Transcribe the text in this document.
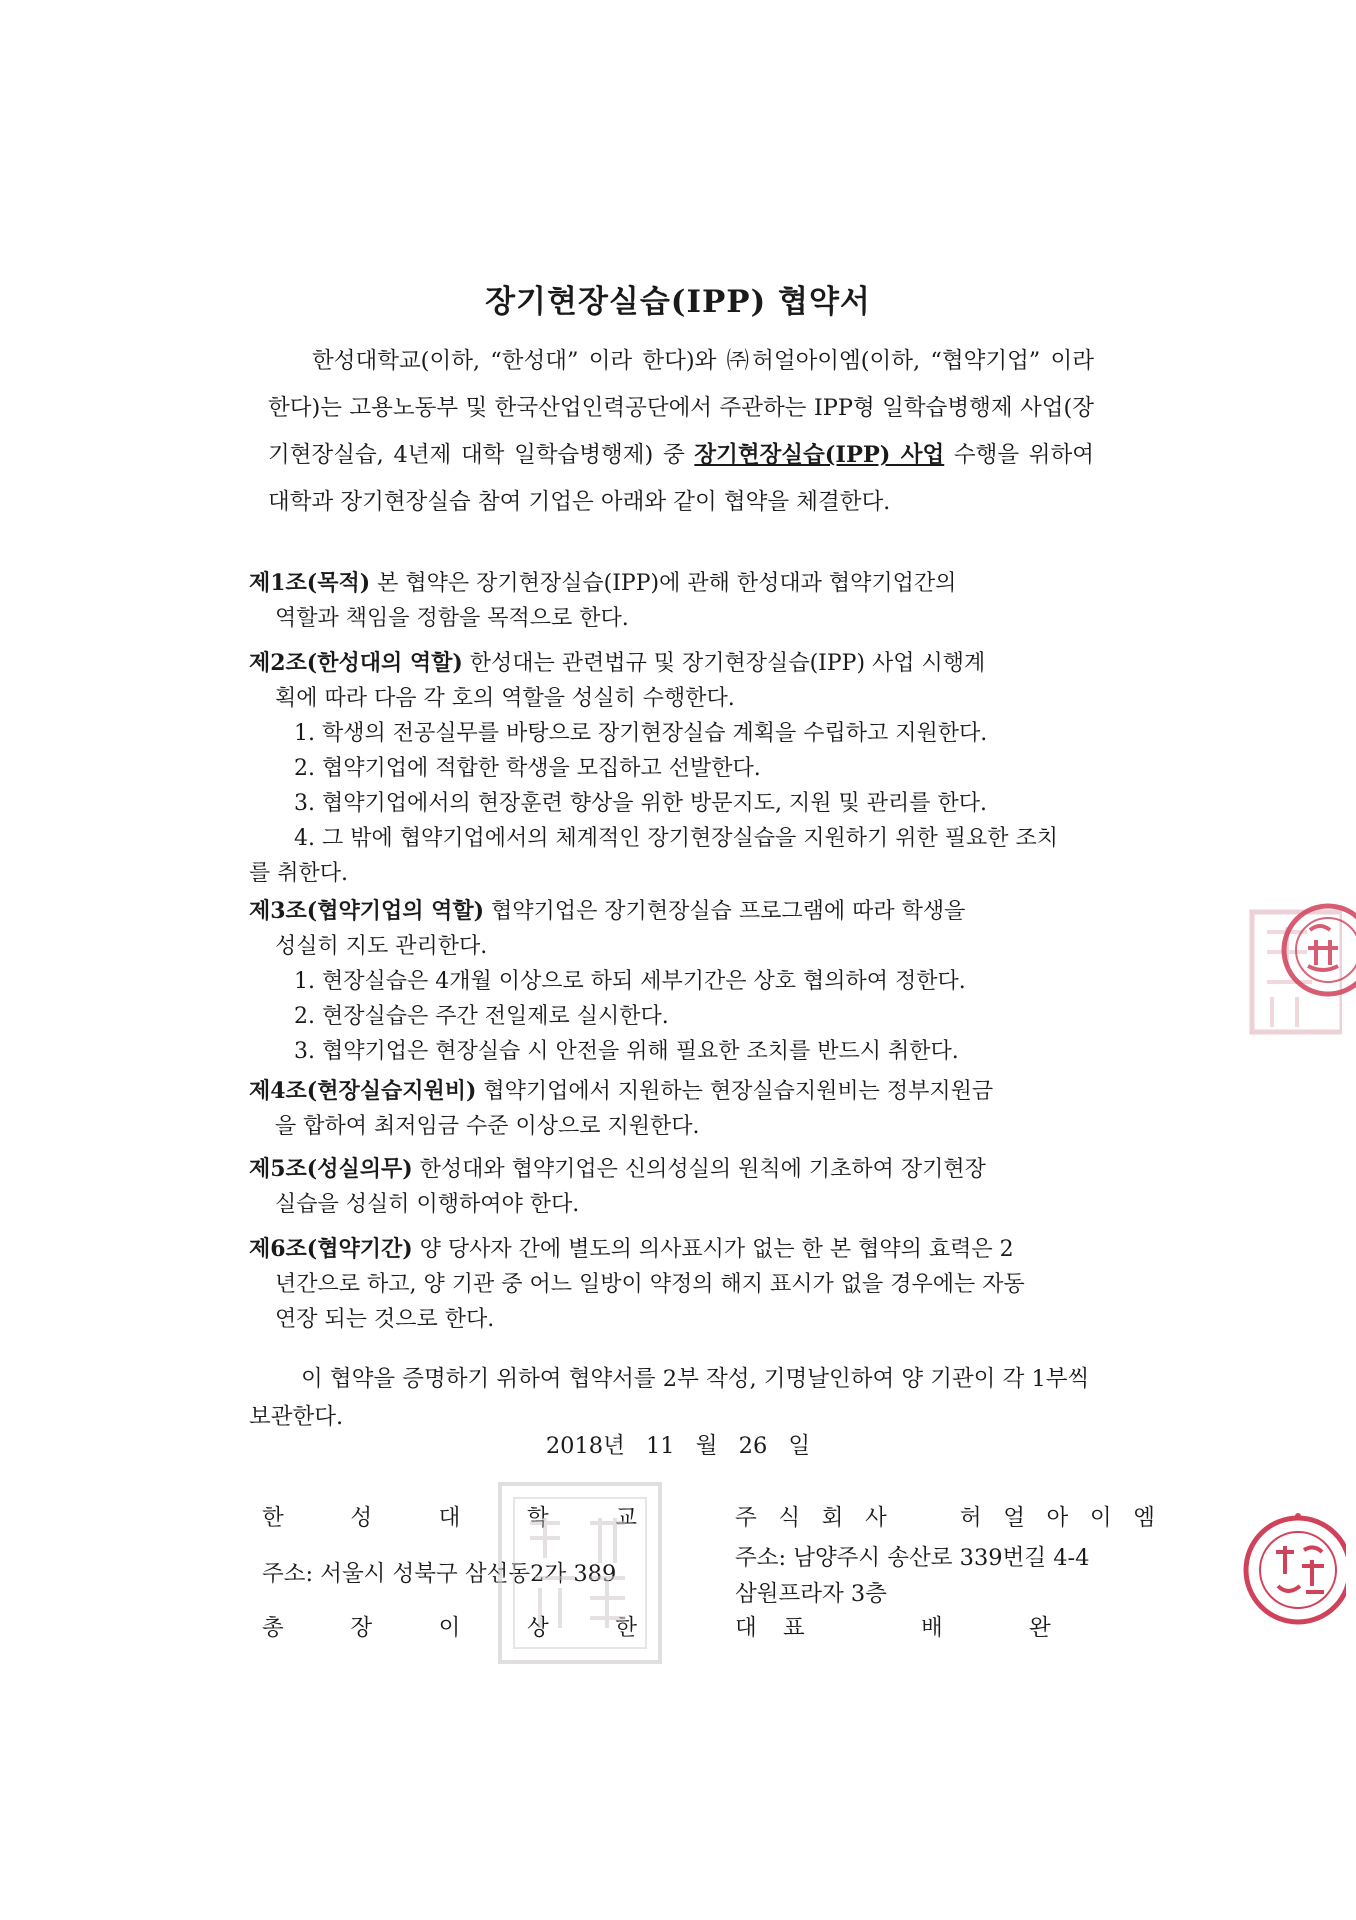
장기현장실습(IPP) 협약서
한성대학교(이하, “한성대” 이라 한다)와 ㈜허얼아이엠(이하, “협약기업” 이라 한다)는 고용노동부 및 한국산업인력공단에서 주관하는 IPP형 일학습병행제 사업(장기현장실습, 4년제 대학 일학습병행제) 중 장기현장실습(IPP) 사업 수행을 위하여 대학과 장기현장실습 참여 기업은 아래와 같이 협약을 체결한다.
제1조(목적) 본 협약은 장기현장실습(IPP)에 관해 한성대과 협약기업간의
역할과 책임을 정함을 목적으로 한다.
제2조(한성대의 역할) 한성대는 관련법규 및 장기현장실습(IPP) 사업 시행계
획에 따라 다음 각 호의 역할을 성실히 수행한다.
1. 학생의 전공실무를 바탕으로 장기현장실습 계획을 수립하고 지원한다.
2. 협약기업에 적합한 학생을 모집하고 선발한다.
3. 협약기업에서의 현장훈련 향상을 위한 방문지도, 지원 및 관리를 한다.
4. 그 밖에 협약기업에서의 체계적인 장기현장실습을 지원하기 위한 필요한 조치
를 취한다.
제3조(협약기업의 역할) 협약기업은 장기현장실습 프로그램에 따라 학생을
성실히 지도 관리한다.
1. 현장실습은 4개월 이상으로 하되 세부기간은 상호 협의하여 정한다.
2. 현장실습은 주간 전일제로 실시한다.
3. 협약기업은 현장실습 시 안전을 위해 필요한 조치를 반드시 취한다.
제4조(현장실습지원비) 협약기업에서 지원하는 현장실습지원비는 정부지원금
을 합하여 최저임금 수준 이상으로 지원한다.
제5조(성실의무) 한성대와 협약기업은 신의성실의 원칙에 기초하여 장기현장
실습을 성실히 이행하여야 한다.
제6조(협약기간) 양 당사자 간에 별도의 의사표시가 없는 한 본 협약의 효력은 2
년간으로 하고, 양 기관 중 어느 일방이 약정의 해지 표시가 없을 경우에는 자동
연장 되는 것으로 한다.
이 협약을 증명하기 위하여 협약서를 2부 작성, 기명날인하여 양 기관이 각 1부씩 보관한다.
2018년 11 월 26 일
한	성	대	학	교
주소: 서울시 성북구 삼선동2가 389
총	장	이	상	한
주 식 회 사	허 얼 아 이 엠
주소: 남양주시 송산로 339번길 4-4
삼원프라자 3층
대	표	배	완
